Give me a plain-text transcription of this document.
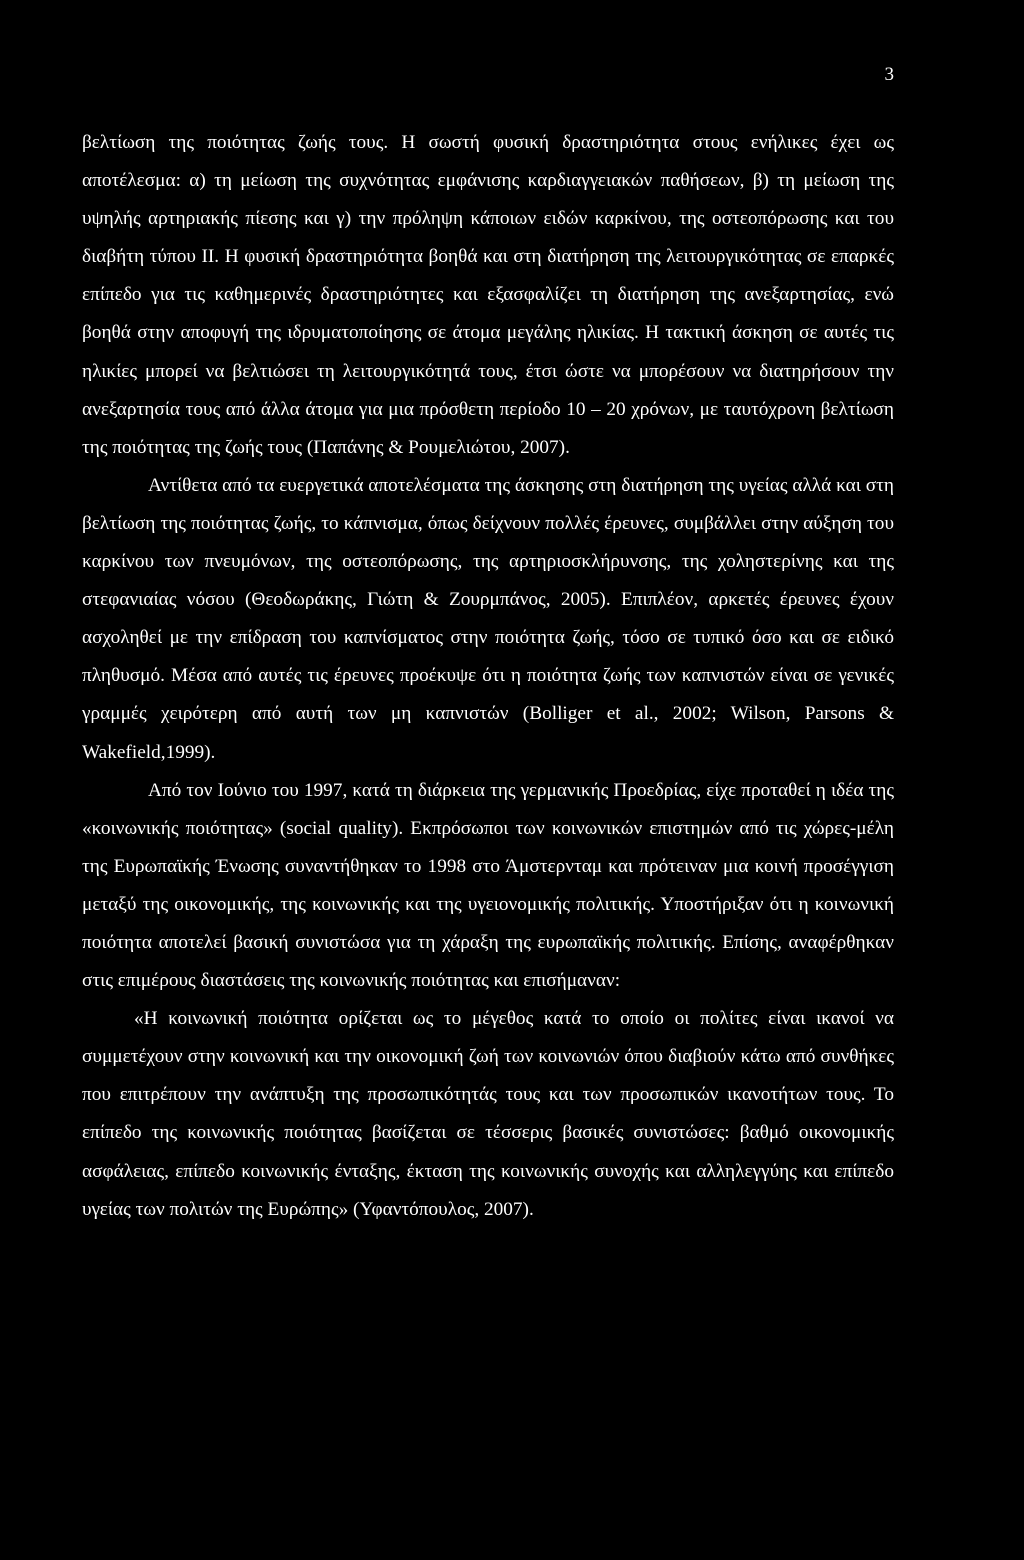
3

βελτίωση της ποιότητας ζωής τους. Η σωστή φυσική δραστηριότητα στους ενήλικες έχει ως αποτέλεσμα: α) τη μείωση της συχνότητας εμφάνισης καρδιαγγειακών παθήσεων, β) τη μείωση της υψηλής αρτηριακής πίεσης και γ) την πρόληψη κάποιων ειδών καρκίνου, της οστεοπόρωσης και του διαβήτη τύπου ΙΙ. Η φυσική δραστηριότητα βοηθά και στη διατήρηση της λειτουργικότητας σε επαρκές επίπεδο για τις καθημερινές δραστηριότητες και εξασφαλίζει τη διατήρηση της ανεξαρτησίας, ενώ βοηθά στην αποφυγή της ιδρυματοποίησης σε άτομα μεγάλης ηλικίας. Η τακτική άσκηση σε αυτές τις ηλικίες μπορεί να βελτιώσει τη λειτουργικότητά τους, έτσι ώστε να μπορέσουν να διατηρήσουν την ανεξαρτησία τους από άλλα άτομα για μια πρόσθετη περίοδο 10 – 20 χρόνων, με ταυτόχρονη βελτίωση της ποιότητας της ζωής τους (Παπάνης & Ρουμελιώτου, 2007).

Αντίθετα από τα ευεργετικά αποτελέσματα της άσκησης στη διατήρηση της υγείας αλλά και στη βελτίωση της ποιότητας ζωής, το κάπνισμα, όπως δείχνουν πολλές έρευνες, συμβάλλει στην αύξηση του καρκίνου των πνευμόνων, της οστεοπόρωσης, της αρτηριοσκλήρυνσης, της χοληστερίνης και της στεφανιαίας νόσου (Θεοδωράκης, Γιώτη & Ζουρμπάνος, 2005). Επιπλέον, αρκετές έρευνες έχουν ασχοληθεί με την επίδραση του καπνίσματος στην ποιότητα ζωής, τόσο σε τυπικό όσο και σε ειδικό πληθυσμό. Μέσα από αυτές τις έρευνες προέκυψε ότι η ποιότητα ζωής των καπνιστών είναι σε γενικές γραμμές χειρότερη από αυτή των μη καπνιστών (Bolliger et al., 2002; Wilson, Parsons & Wakefield,1999).

Από τον Ιούνιο του 1997, κατά τη διάρκεια της γερμανικής Προεδρίας, είχε προταθεί η ιδέα της «κοινωνικής ποιότητας» (social quality). Εκπρόσωποι των κοινωνικών επιστημών από τις χώρες-μέλη της Ευρωπαϊκής Ένωσης συναντήθηκαν το 1998 στο Άμστερνταμ και πρότειναν μια κοινή προσέγγιση μεταξύ της οικονομικής, της κοινωνικής και της υγειονομικής πολιτικής. Υποστήριξαν ότι η κοινωνική ποιότητα αποτελεί βασική συνιστώσα για τη χάραξη της ευρωπαϊκής πολιτικής. Επίσης, αναφέρθηκαν στις επιμέρους διαστάσεις της κοινωνικής ποιότητας και επισήμαναν:

«Η κοινωνική ποιότητα ορίζεται ως το μέγεθος κατά το οποίο οι πολίτες είναι ικανοί να συμμετέχουν στην κοινωνική και την οικονομική ζωή των κοινωνιών όπου διαβιούν κάτω από συνθήκες που επιτρέπουν την ανάπτυξη της προσωπικότητάς τους και των προσωπικών ικανοτήτων τους. Το επίπεδο της κοινωνικής ποιότητας βασίζεται σε τέσσερις βασικές συνιστώσες: βαθμό οικονομικής ασφάλειας, επίπεδο κοινωνικής ένταξης, έκταση της κοινωνικής συνοχής και αλληλεγγύης και επίπεδο υγείας των πολιτών της Ευρώπης» (Υφαντόπουλος, 2007).
